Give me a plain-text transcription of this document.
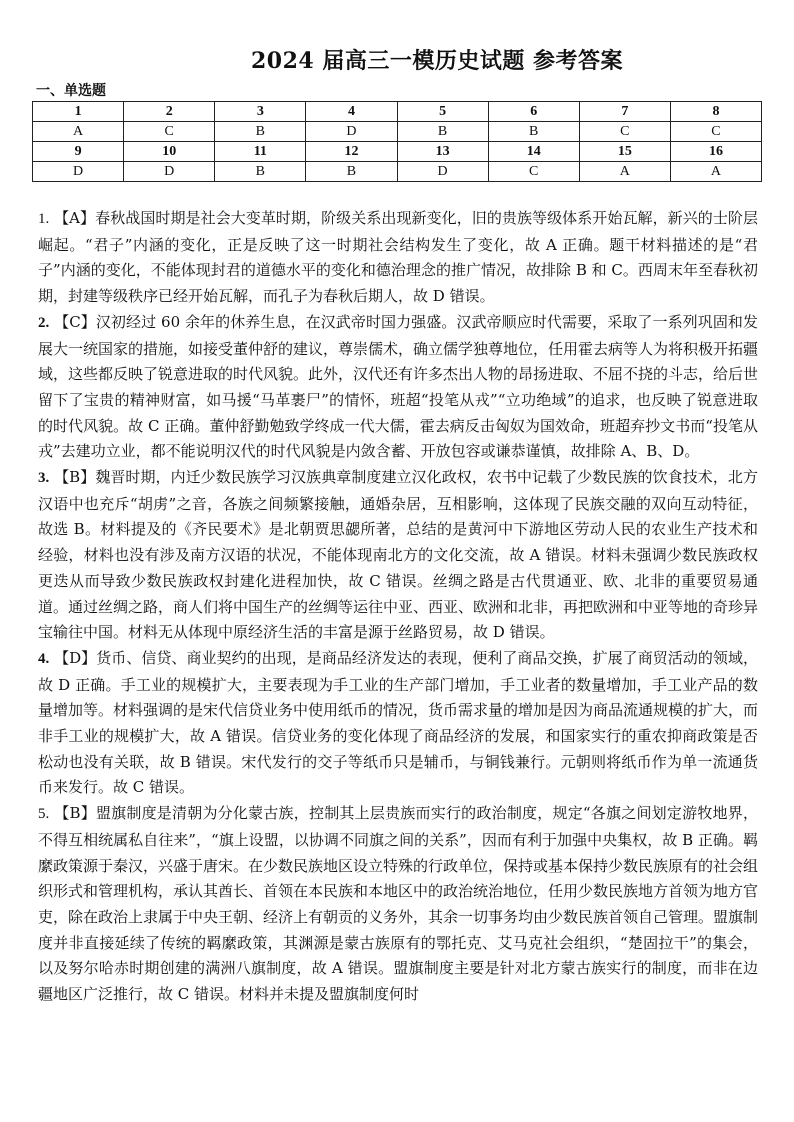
2024 届高三一模历史试题 参考答案
一、单选题
1	2	3	4	5	6	7	8
A	C	B	D	B	B	C	C
9	10	11	12	13	14	15	16
D	D	B	B	D	C	A	A

1. 【A】春秋战国时期是社会大变革时期，阶级关系出现新变化，旧的贵族等级体系开始瓦解，新兴的士阶层崛起。“君子”内涵的变化，正是反映了这一时期社会结构发生了变化，故 A 正确。题干材料描述的是“君子”内涵的变化，不能体现封君的道德水平的变化和德治理念的推广情况，故排除 B 和 C。西周末年至春秋初期，封建等级秩序已经开始瓦解，而孔子为春秋后期人，故 D 错误。

2. 【C】汉初经过 60 余年的休养生息，在汉武帝时国力强盛。汉武帝顺应时代需要，采取了一系列巩固和发展大一统国家的措施，如接受董仲舒的建议，尊崇儒术，确立儒学独尊地位，任用霍去病等人为将积极开拓疆域，这些都反映了锐意进取的时代风貌。此外，汉代还有许多杰出人物的昂扬进取、不屈不挠的斗志，给后世留下了宝贵的精神财富，如马援“马革裹尸”的情怀，班超“投笔从戎”“立功绝域”的追求，也反映了锐意进取的时代风貌。故 C 正确。董仲舒勤勉致学终成一代大儒，霍去病反击匈奴为国效命，班超弃抄文书而“投笔从戎”去建功立业，都不能说明汉代的时代风貌是内敛含蓄、开放包容或谦恭谨慎，故排除 A、B、D。

3. 【B】魏晋时期，内迁少数民族学习汉族典章制度建立汉化政权，农书中记载了少数民族的饮食技术，北方汉语中也充斥“胡虏”之音，各族之间频繁接触，通婚杂居，互相影响，这体现了民族交融的双向互动特征，故选 B。材料提及的《齐民要术》是北朝贾思勰所著，总结的是黄河中下游地区劳动人民的农业生产技术和经验，材料也没有涉及南方汉语的状况，不能体现南北方的文化交流，故 A 错误。材料未强调少数民族政权更迭从而导致少数民族政权封建化进程加快，故 C 错误。丝绸之路是古代贯通亚、欧、北非的重要贸易通道。通过丝绸之路，商人们将中国生产的丝绸等运往中亚、西亚、欧洲和北非，再把欧洲和中亚等地的奇珍异宝输往中国。材料无从体现中原经济生活的丰富是源于丝路贸易，故 D 错误。

4. 【D】货币、信贷、商业契约的出现，是商品经济发达的表现，便利了商品交换，扩展了商贸活动的领域，故 D 正确。手工业的规模扩大，主要表现为手工业的生产部门增加，手工业者的数量增加，手工业产品的数量增加等。材料强调的是宋代信贷业务中使用纸币的情况，货币需求量的增加是因为商品流通规模的扩大，而非手工业的规模扩大，故 A 错误。信贷业务的变化体现了商品经济的发展，和国家实行的重农抑商政策是否松动也没有关联，故 B 错误。宋代发行的交子等纸币只是辅币，与铜钱兼行。元朝则将纸币作为单一流通货币来发行。故 C 错误。

5. 【B】盟旗制度是清朝为分化蒙古族，控制其上层贵族而实行的政治制度，规定“各旗之间划定游牧地界，不得互相统属私自往来”，“旗上设盟，以协调不同旗之间的关系”，因而有利于加强中央集权，故 B 正确。羁縻政策源于秦汉，兴盛于唐宋。在少数民族地区设立特殊的行政单位，保持或基本保持少数民族原有的社会组织形式和管理机构，承认其酋长、首领在本民族和本地区中的政治统治地位，任用少数民族地方首领为地方官吏，除在政治上隶属于中央王朝、经济上有朝贡的义务外，其余一切事务均由少数民族首领自己管理。盟旗制度并非直接延续了传统的羁縻政策，其渊源是蒙古族原有的鄂托克、艾马克社会组织，“楚固拉干”的集会，以及努尔哈赤时期创建的满洲八旗制度，故 A 错误。盟旗制度主要是针对北方蒙古族实行的制度，而非在边疆地区广泛推行，故 C 错误。材料并未提及盟旗制度何时
